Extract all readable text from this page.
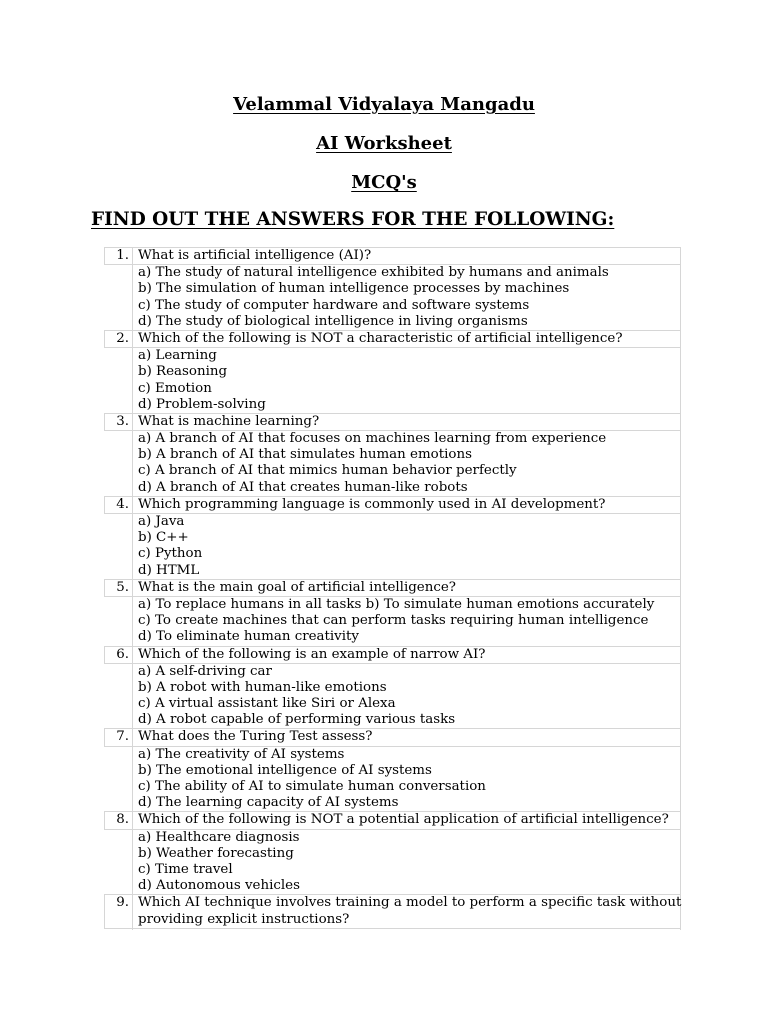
Velammal Vidyalaya Mangadu
AI Worksheet
MCQ's
FIND OUT THE ANSWERS FOR THE FOLLOWING:
1.	What is artificial intelligence (AI)?

	a) The study of natural intelligence exhibited by humans and animals
b) The simulation of human intelligence processes by machines
c) The study of computer hardware and software systems
d) The study of biological intelligence in living organisms

2.	Which of the following is NOT a characteristic of artificial intelligence?

	a) Learning
b) Reasoning
c) Emotion
d) Problem-solving

3.	What is machine learning?

	a) A branch of AI that focuses on machines learning from experience
b) A branch of AI that simulates human emotions
c) A branch of AI that mimics human behavior perfectly
d) A branch of AI that creates human-like robots

4.	Which programming language is commonly used in AI development?

	a) Java
b) C++
c) Python
d) HTML

5.	What is the main goal of artificial intelligence?

	a) To replace humans in all tasks b) To simulate human emotions accurately
c) To create machines that can perform tasks requiring human intelligence
d) To eliminate human creativity

6.	Which of the following is an example of narrow AI?

	a) A self-driving car
b) A robot with human-like emotions
c) A virtual assistant like Siri or Alexa
d) A robot capable of performing various tasks

7.	What does the Turing Test assess?

	a) The creativity of AI systems
b) The emotional intelligence of AI systems
c) The ability of AI to simulate human conversation
d) The learning capacity of AI systems

8.	Which of the following is NOT a potential application of artificial intelligence?

	a) Healthcare diagnosis
b) Weather forecasting
c) Time travel
d) Autonomous vehicles

9.	Which AI technique involves training a model to perform a specific task without
providing explicit instructions?
